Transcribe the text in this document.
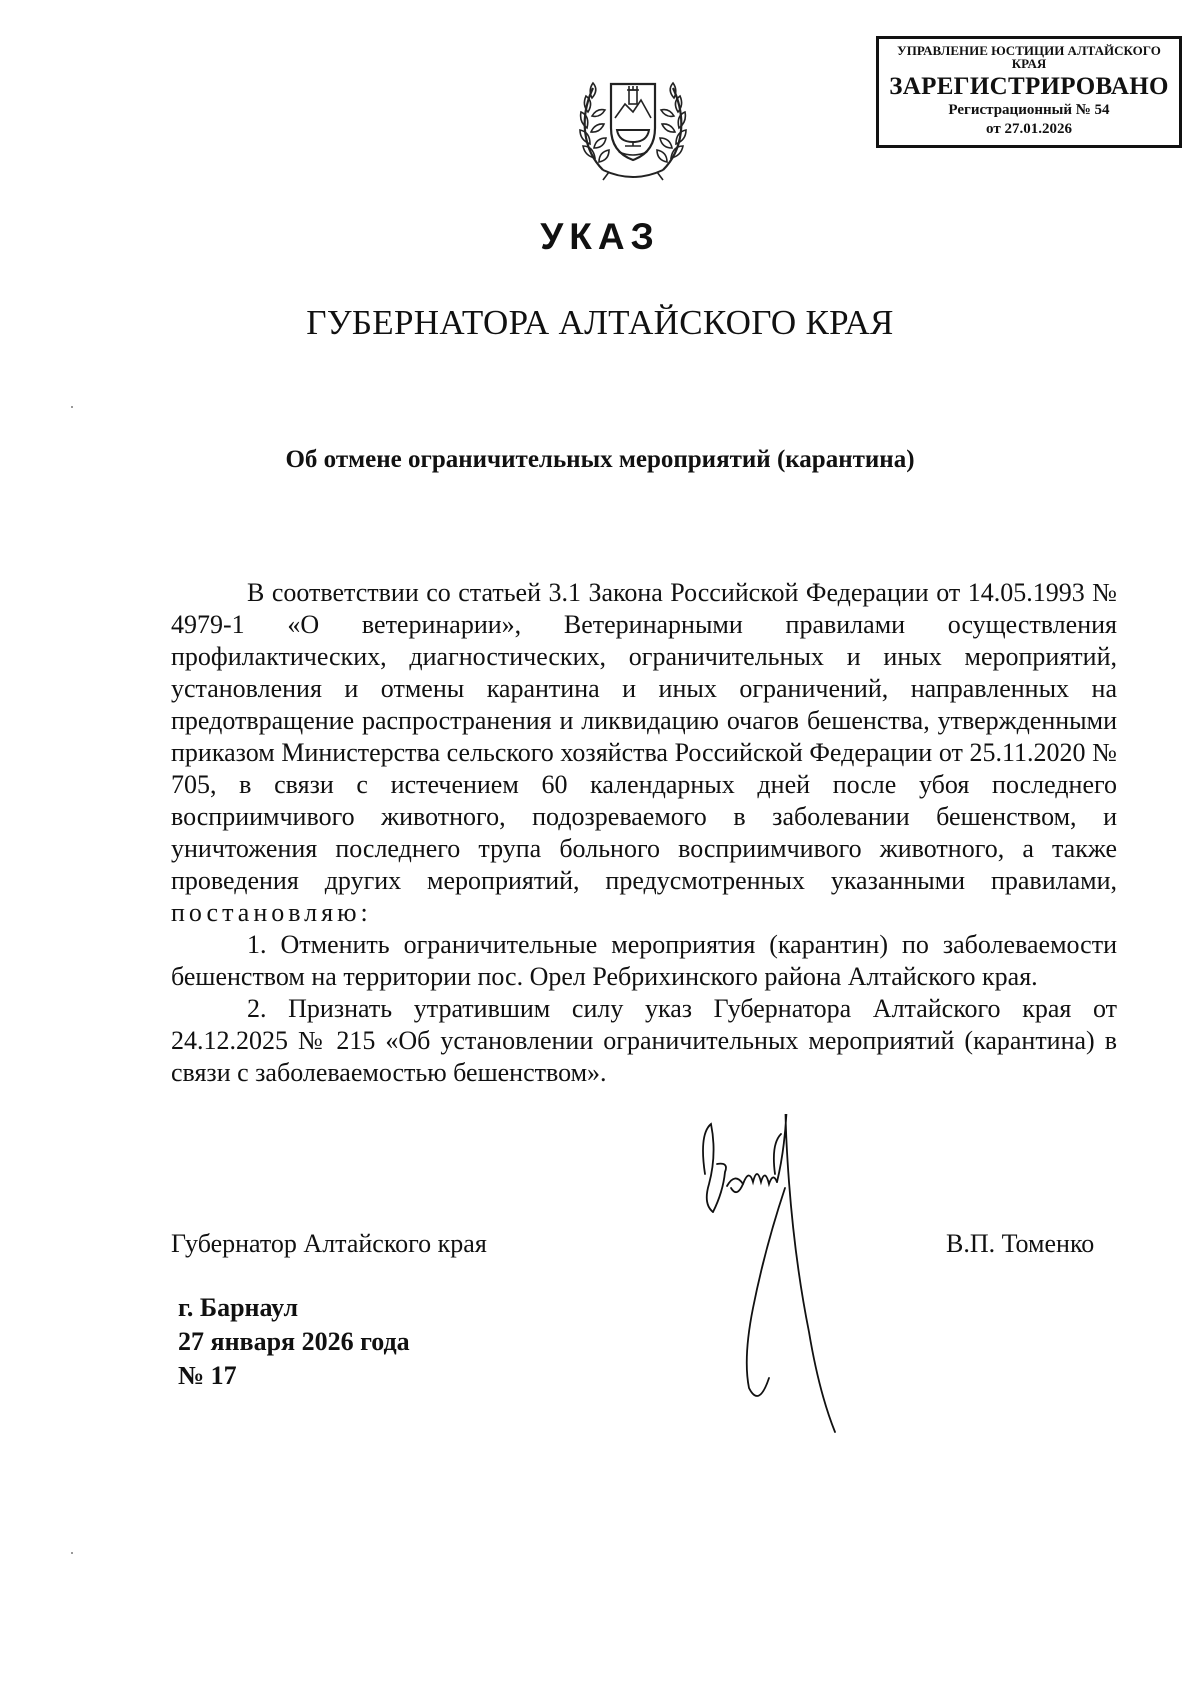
УПРАВЛЕНИЕ ЮСТИЦИИ АЛТАЙСКОГО КРАЯ
ЗАРЕГИСТРИРОВАНО
Регистрационный № 54
от 27.01.2026
УКАЗ
ГУБЕРНАТОРА АЛТАЙСКОГО КРАЯ
Об отмене ограничительных мероприятий (карантина)

В соответствии со статьей 3.1 Закона Российской Федерации от 14.05.1993 № 4979-1 «О ветеринарии», Ветеринарными правилами осуществления профилактических, диагностических, ограничительных и иных мероприятий, установления и отмены карантина и иных ограничений, направленных на предотвращение распространения и ликвидацию очагов бешенства, утвержденными приказом Министерства сельского хозяйства Российской Федерации от 25.11.2020 № 705, в связи с истечением 60 календарных дней после убоя последнего восприимчивого животного, подозреваемого в заболевании бешенством, и уничтожения последнего трупа больного восприимчивого животного, а также проведения других мероприятий, предусмотренных указанными правилами, постановляю:

1. Отменить ограничительные мероприятия (карантин) по заболеваемости бешенством на территории пос. Орел Ребрихинского района Алтайского края.

2. Признать утратившим силу указ Губернатора Алтайского края от 24.12.2025 № 215 «Об установлении ограничительных мероприятий (карантина) в связи с заболеваемостью бешенством».

Губернатор Алтайского края	В.П. Томенко
г. Барнаул
27 января 2026 года
№ 17
